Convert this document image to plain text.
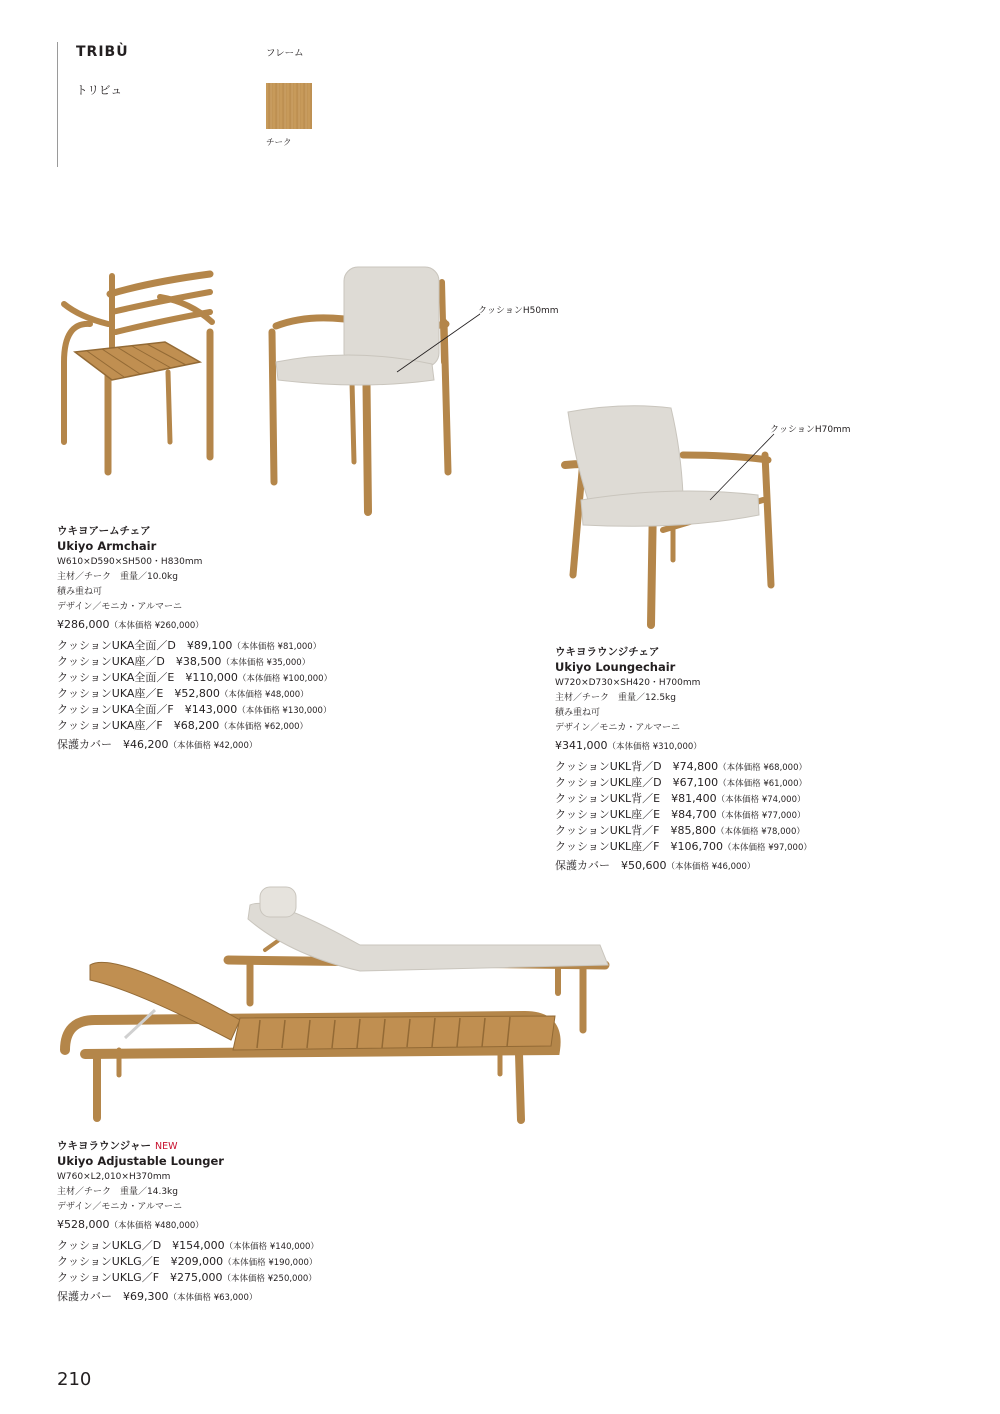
TRIBÙ
トリビュ
フレーム
チーク
クッションH50mm
クッションH70mm
ウキヨアームチェア
Ukiyo Armchair
W610×D590×SH500・H830mm
主材／チーク　重量／10.0kg
積み重ね可
デザイン／モニカ・アルマーニ
¥286,000（本体価格 ¥260,000）
クッションUKA全面／D　¥89,100（本体価格 ¥81,000）
クッションUKA座／D　¥38,500（本体価格 ¥35,000）
クッションUKA全面／E　¥110,000（本体価格 ¥100,000）
クッションUKA座／E　¥52,800（本体価格 ¥48,000）
クッションUKA全面／F　¥143,000（本体価格 ¥130,000）
クッションUKA座／F　¥68,200（本体価格 ¥62,000）
保護カバー　¥46,200（本体価格 ¥42,000）
ウキヨラウンジチェア
Ukiyo Loungechair
W720×D730×SH420・H700mm
主材／チーク　重量／12.5kg
積み重ね可
デザイン／モニカ・アルマーニ
¥341,000（本体価格 ¥310,000）
クッションUKL背／D　¥74,800（本体価格 ¥68,000）
クッションUKL座／D　¥67,100（本体価格 ¥61,000）
クッションUKL背／E　¥81,400（本体価格 ¥74,000）
クッションUKL座／E　¥84,700（本体価格 ¥77,000）
クッションUKL背／F　¥85,800（本体価格 ¥78,000）
クッションUKL座／F　¥106,700（本体価格 ¥97,000）
保護カバー　¥50,600（本体価格 ¥46,000）
ウキヨラウンジャー NEW
Ukiyo Adjustable Lounger
W760×L2,010×H370mm
主材／チーク　重量／14.3kg
デザイン／モニカ・アルマーニ
¥528,000（本体価格 ¥480,000）
クッションUKLG／D　¥154,000（本体価格 ¥140,000）
クッションUKLG／E　¥209,000（本体価格 ¥190,000）
クッションUKLG／F　¥275,000（本体価格 ¥250,000）
保護カバー　¥69,300（本体価格 ¥63,000）
210
